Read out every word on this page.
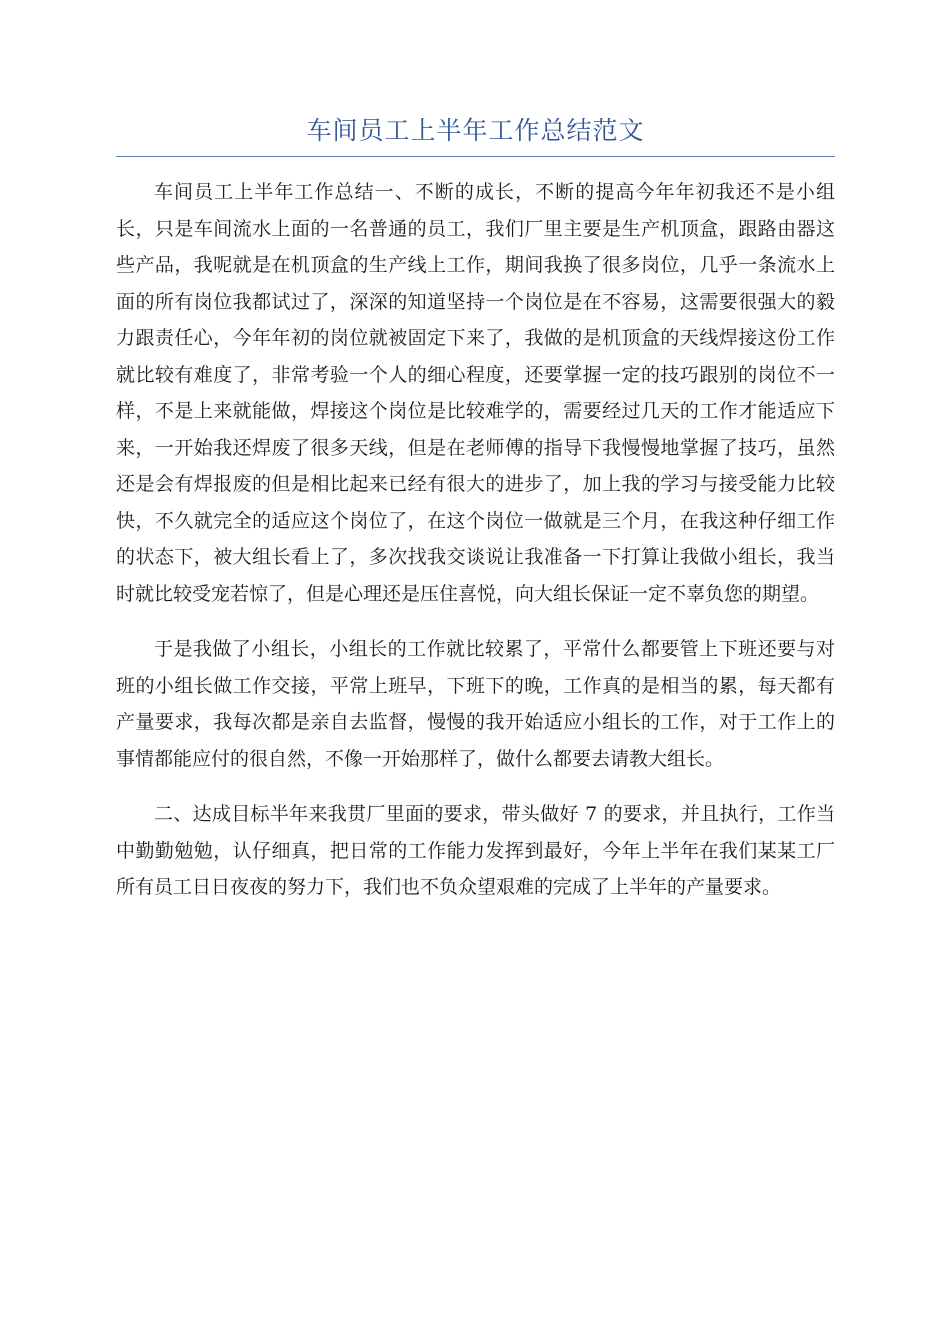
车间员工上半年工作总结范文

车间员工上半年工作总结一、不断的成长，不断的提高今年年初我还不是小组长，只是车间流水上面的一名普通的员工，我们厂里主要是生产机顶盒，跟路由器这些产品，我呢就是在机顶盒的生产线上工作，期间我换了很多岗位，几乎一条流水上面的所有岗位我都试过了，深深的知道坚持一个岗位是在不容易，这需要很强大的毅力跟责任心，今年年初的岗位就被固定下来了，我做的是机顶盒的天线焊接这份工作就比较有难度了，非常考验一个人的细心程度，还要掌握一定的技巧跟别的岗位不一样，不是上来就能做，焊接这个岗位是比较难学的，需要经过几天的工作才能适应下来，一开始我还焊废了很多天线，但是在老师傅的指导下我慢慢地掌握了技巧，虽然还是会有焊报废的但是相比起来已经有很大的进步了，加上我的学习与接受能力比较快，不久就完全的适应这个岗位了，在这个岗位一做就是三个月，在我这种仔细工作的状态下，被大组长看上了，多次找我交谈说让我准备一下打算让我做小组长，我当时就比较受宠若惊了，但是心理还是压住喜悦，向大组长保证一定不辜负您的期望。

于是我做了小组长，小组长的工作就比较累了，平常什么都要管上下班还要与对班的小组长做工作交接，平常上班早，下班下的晚，工作真的是相当的累，每天都有产量要求，我每次都是亲自去监督，慢慢的我开始适应小组长的工作，对于工作上的事情都能应付的很自然，不像一开始那样了，做什么都要去请教大组长。

二、达成目标半年来我贯厂里面的要求，带头做好 7 的要求，并且执行，工作当中勤勤勉勉，认仔细真，把日常的工作能力发挥到最好，今年上半年在我们某某工厂所有员工日日夜夜的努力下，我们也不负众望艰难的完成了上半年的产量要求。
